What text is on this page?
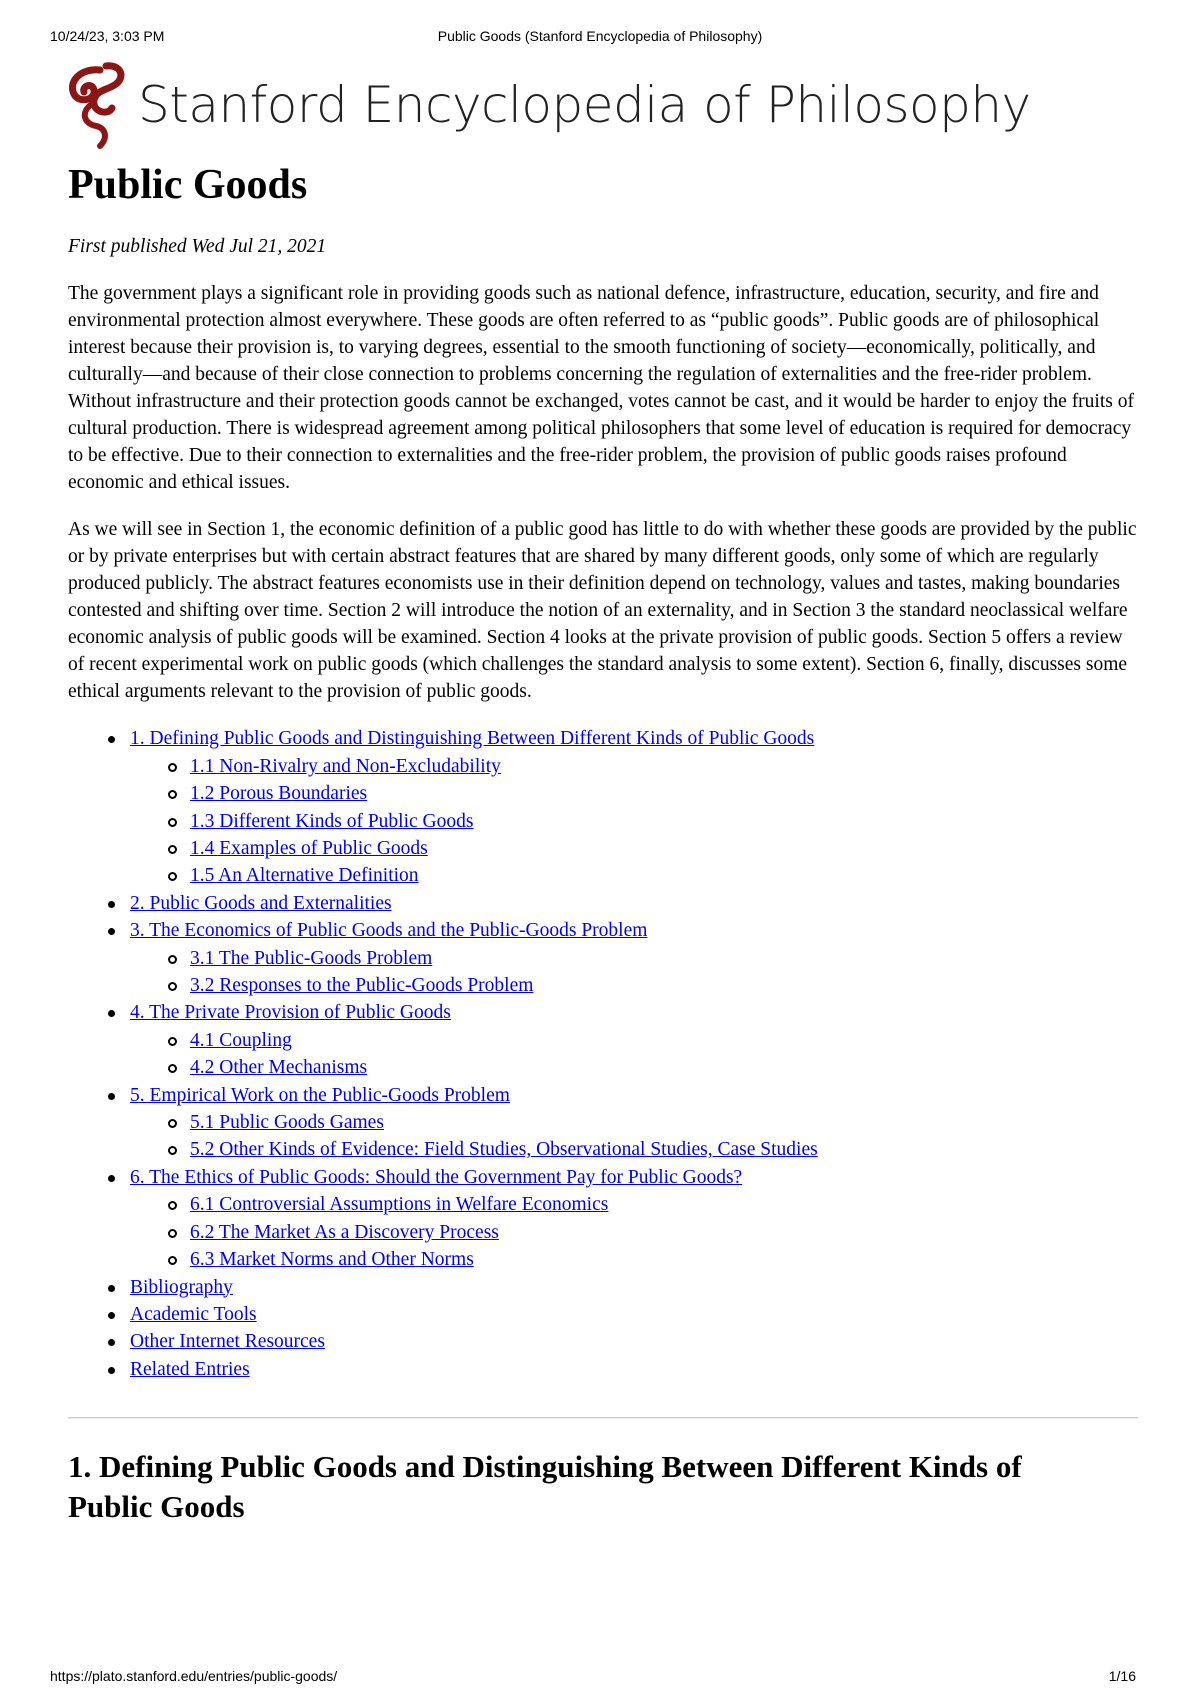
10/24/23, 3:03 PM	Public Goods (Stanford Encyclopedia of Philosophy)
Stanford Encyclopedia of Philosophy
Public Goods
First published Wed Jul 21, 2021

The government plays a significant role in providing goods such as national defence, infrastructure, education, security, and fire and environmental protection almost everywhere. These goods are often referred to as “public goods”. Public goods are of philosophical interest because their provision is, to varying degrees, essential to the smooth functioning of society—economically, politically, and culturally—and because of their close connection to problems concerning the regulation of externalities and the free-rider problem. Without infrastructure and their protection goods cannot be exchanged, votes cannot be cast, and it would be harder to enjoy the fruits of cultural production. There is widespread agreement among political philosophers that some level of education is required for democracy to be effective. Due to their connection to externalities and the free-rider problem, the provision of public goods raises profound economic and ethical issues.

As we will see in Section 1, the economic definition of a public good has little to do with whether these goods are provided by the public or by private enterprises but with certain abstract features that are shared by many different goods, only some of which are regularly produced publicly. The abstract features economists use in their definition depend on technology, values and tastes, making boundaries contested and shifting over time. Section 2 will introduce the notion of an externality, and in Section 3 the standard neoclassical welfare economic analysis of public goods will be examined. Section 4 looks at the private provision of public goods. Section 5 offers a review of recent experimental work on public goods (which challenges the standard analysis to some extent). Section 6, finally, discusses some ethical arguments relevant to the provision of public goods.

1. Defining Public Goods and Distinguishing Between Different Kinds of Public Goods
1.1 Non-Rivalry and Non-Excludability
1.2 Porous Boundaries
1.3 Different Kinds of Public Goods
1.4 Examples of Public Goods
1.5 An Alternative Definition
2. Public Goods and Externalities
3. The Economics of Public Goods and the Public-Goods Problem
3.1 The Public-Goods Problem
3.2 Responses to the Public-Goods Problem
4. The Private Provision of Public Goods
4.1 Coupling
4.2 Other Mechanisms
5. Empirical Work on the Public-Goods Problem
5.1 Public Goods Games
5.2 Other Kinds of Evidence: Field Studies, Observational Studies, Case Studies
6. The Ethics of Public Goods: Should the Government Pay for Public Goods?
6.1 Controversial Assumptions in Welfare Economics
6.2 The Market As a Discovery Process
6.3 Market Norms and Other Norms
Bibliography
Academic Tools
Other Internet Resources
Related Entries
1. Defining Public Goods and Distinguishing Between Different Kinds of Public Goods
https://plato.stanford.edu/entries/public-goods/	1/16
